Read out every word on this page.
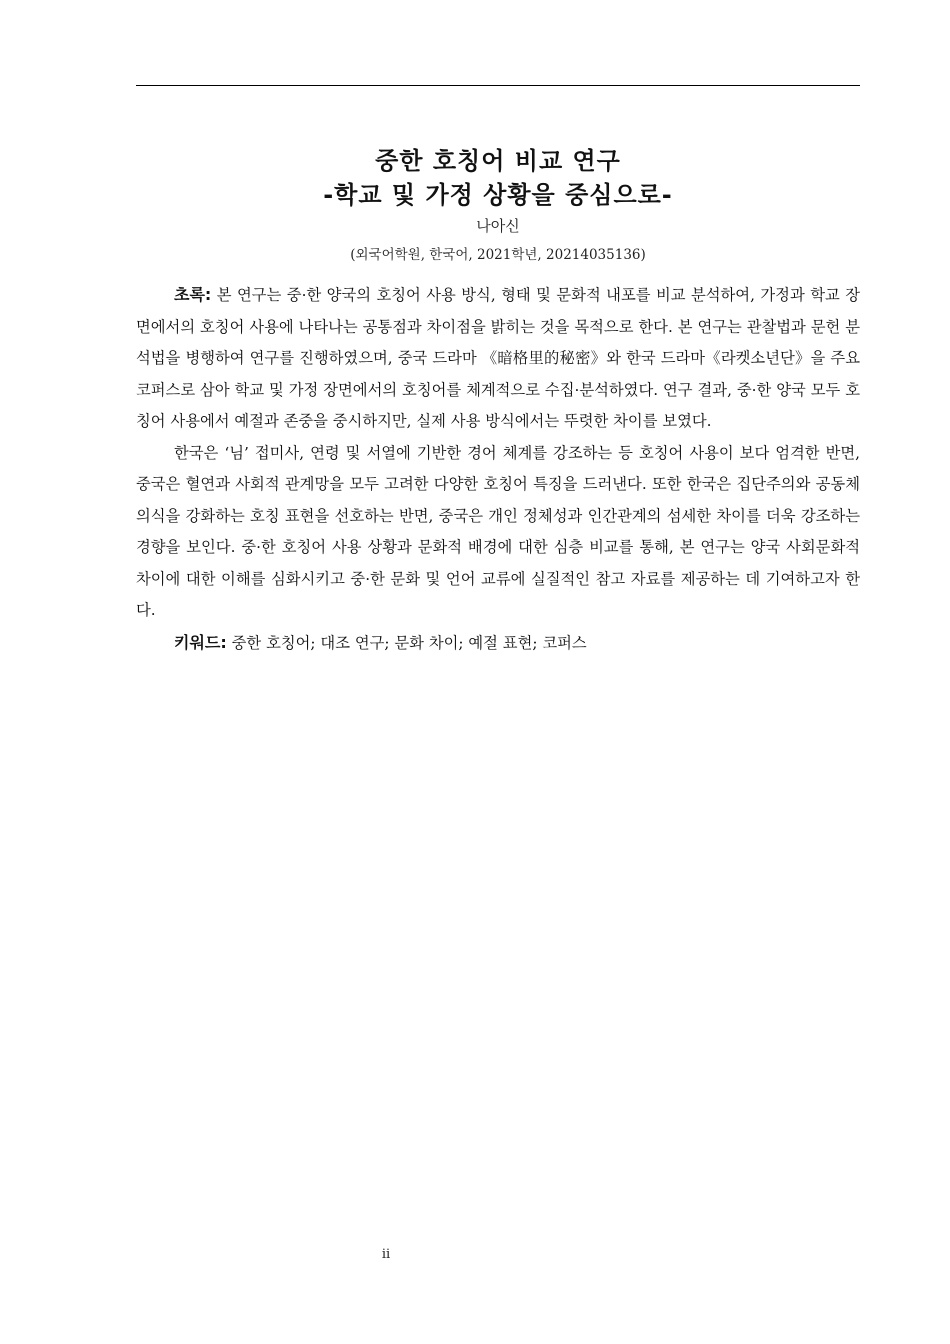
중한 호칭어 비교 연구
-학교 및 가정 상황을 중심으로-
나아신
(외국어학원, 한국어, 2021학년, 20214035136)

초록: 본 연구는 중·한 양국의 호칭어 사용 방식, 형태 및 문화적 내포를 비교 분석하여, 가정과 학교 장면에서의 호칭어 사용에 나타나는 공통점과 차이점을 밝히는 것을 목적으로 한다. 본 연구는 관찰법과 문헌 분석법을 병행하여 연구를 진행하였으며, 중국 드라마 《暗格里的秘密》와 한국 드라마《라켓소년단》을 주요 코퍼스로 삼아 학교 및 가정 장면에서의 호칭어를 체계적으로 수집·분석하였다. 연구 결과, 중·한 양국 모두 호칭어 사용에서 예절과 존중을 중시하지만, 실제 사용 방식에서는 뚜렷한 차이를 보였다.

한국은 ‘님’ 접미사, 연령 및 서열에 기반한 경어 체계를 강조하는 등 호칭어 사용이 보다 엄격한 반면, 중국은 혈연과 사회적 관계망을 모두 고려한 다양한 호칭어 특징을 드러낸다. 또한 한국은 집단주의와 공동체 의식을 강화하는 호칭 표현을 선호하는 반면, 중국은 개인 정체성과 인간관계의 섬세한 차이를 더욱 강조하는 경향을 보인다. 중·한 호칭어 사용 상황과 문화적 배경에 대한 심층 비교를 통해, 본 연구는 양국 사회문화적 차이에 대한 이해를 심화시키고 중·한 문화 및 언어 교류에 실질적인 참고 자료를 제공하는 데 기여하고자 한다.

키워드: 중한 호칭어; 대조 연구; 문화 차이; 예절 표현; 코퍼스

ii
